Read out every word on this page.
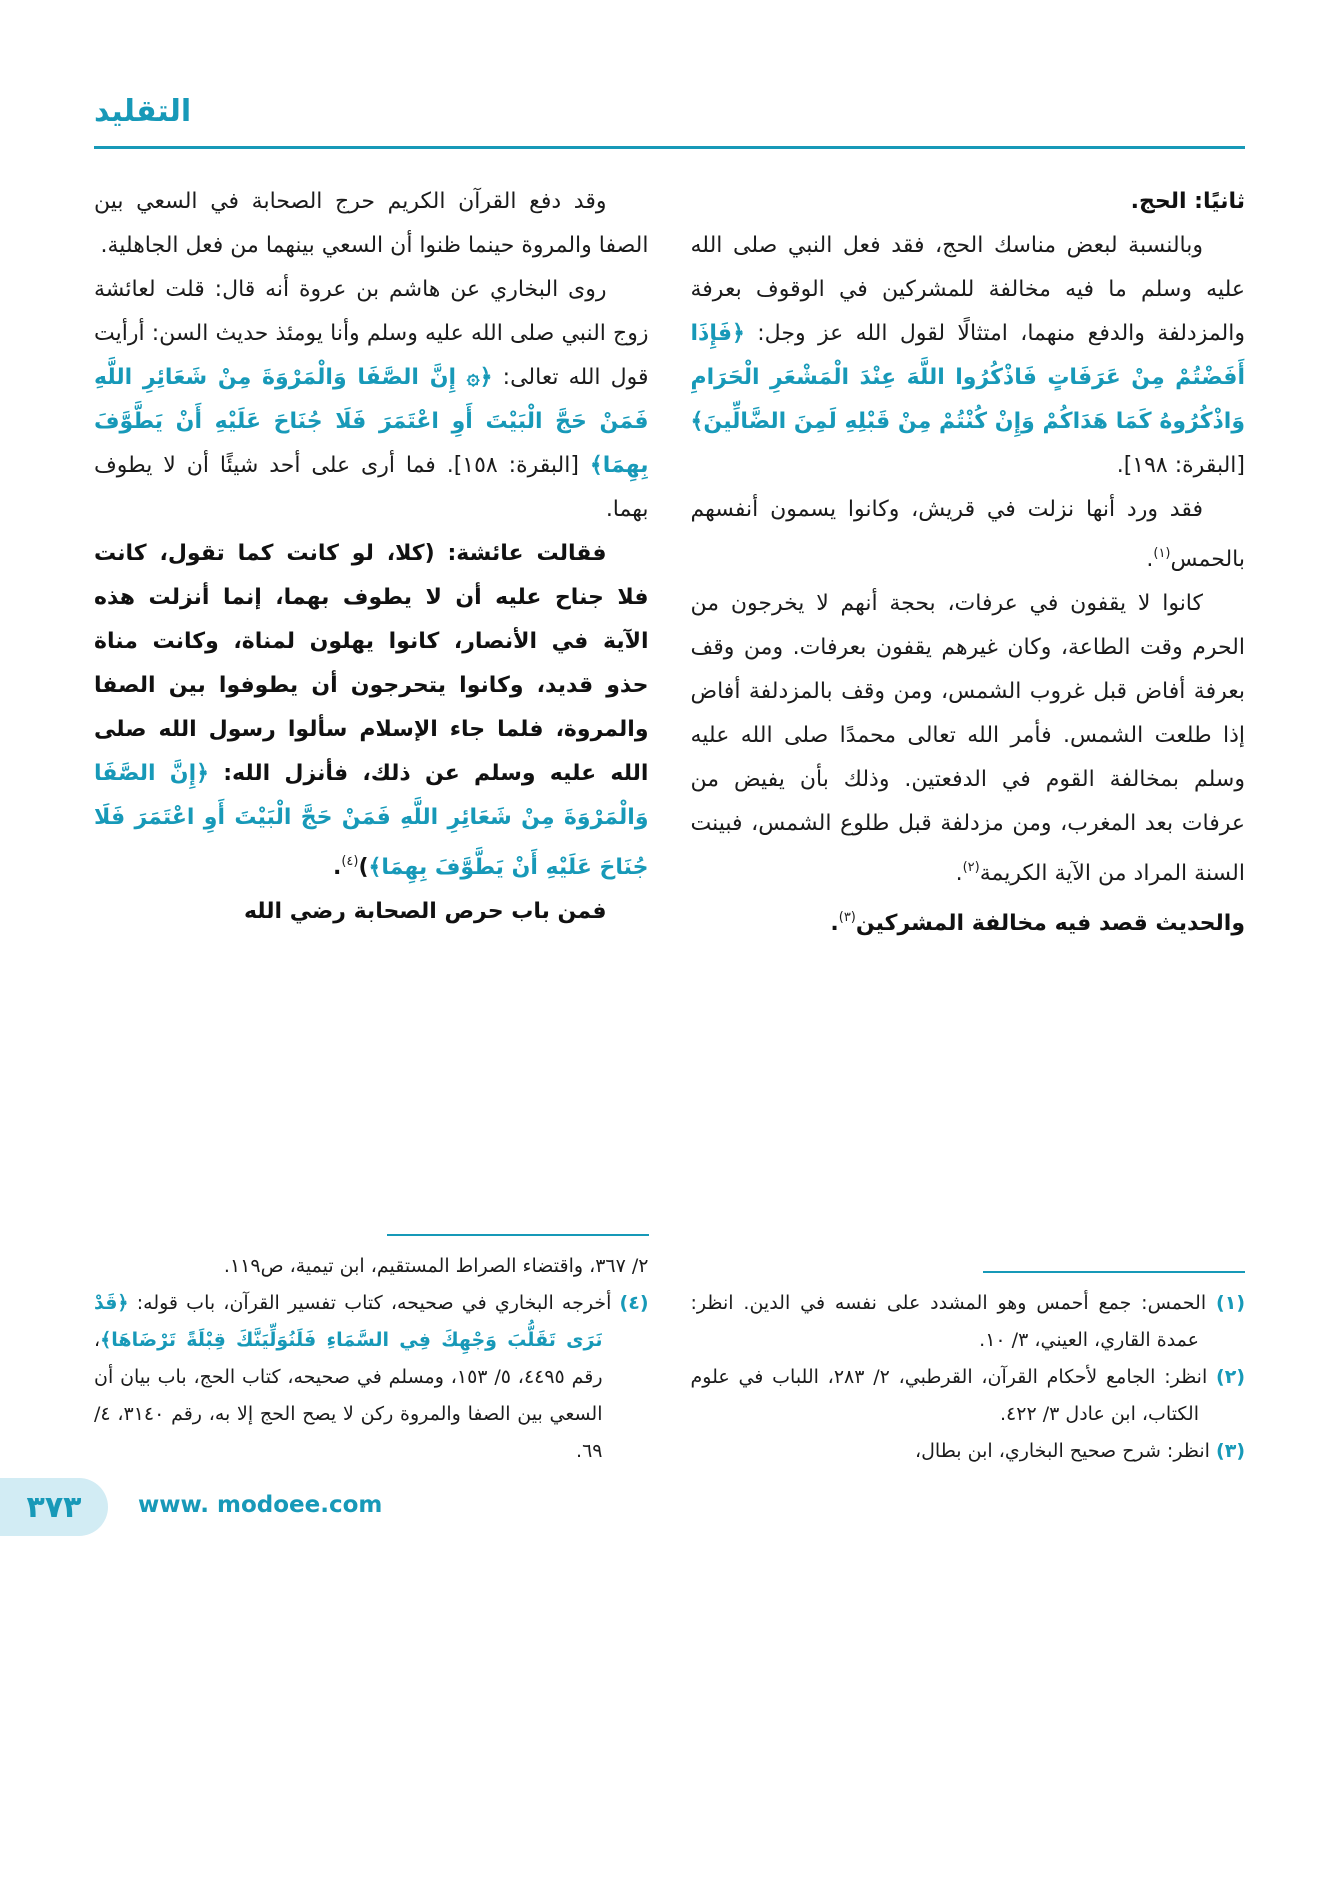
التقليد

ثانيًا: الحج.

وبالنسبة لبعض مناسك الحج، فقد فعل النبي صلى الله عليه وسلم ما فيه مخالفة للمشركين في الوقوف بعرفة والمزدلفة والدفع منهما، امتثالًا لقول الله عز وجل: ﴿فَإِذَا أَفَضْتُمْ مِنْ عَرَفَاتٍ فَاذْكُرُوا اللَّهَ عِنْدَ الْمَشْعَرِ الْحَرَامِ وَاذْكُرُوهُ كَمَا هَدَاكُمْ وَإِنْ كُنْتُمْ مِنْ قَبْلِهِ لَمِنَ الضَّالِّينَ﴾ [البقرة: ١٩٨].

فقد ورد أنها نزلت في قريش، وكانوا يسمون أنفسهم بالحمس$^{(١)}$.

كانوا لا يقفون في عرفات، بحجة أنهم لا يخرجون من الحرم وقت الطاعة، وكان غيرهم يقفون بعرفات. ومن وقف بعرفة أفاض قبل غروب الشمس، ومن وقف بالمزدلفة أفاض إذا طلعت الشمس. فأمر الله تعالى محمدًا صلى الله عليه وسلم بمخالفة القوم في الدفعتين. وذلك بأن يفيض من عرفات بعد المغرب، ومن مزدلفة قبل طلوع الشمس، فبينت السنة المراد من الآية الكريمة$^{(٢)}$.

والحديث قصد فيه مخالفة المشركين$^{(٣)}$.

(١) الحمس: جمع أحمس وهو المشدد على نفسه في الدين. انظر: عمدة القاري، العيني، ٣/ ١٠.

(٢) انظر: الجامع لأحكام القرآن، القرطبي، ٢/ ٢٨٣، اللباب في علوم الكتاب، ابن عادل ٣/ ٤٢٢.

(٣) انظر: شرح صحيح البخاري، ابن بطال،

وقد دفع القرآن الكريم حرج الصحابة في السعي بين الصفا والمروة حينما ظنوا أن السعي بينهما من فعل الجاهلية.

روى البخاري عن هاشم بن عروة أنه قال: قلت لعائشة زوج النبي صلى الله عليه وسلم وأنا يومئذ حديث السن: أرأيت قول الله تعالى: ﴿۞ إِنَّ الصَّفَا وَالْمَرْوَةَ مِنْ شَعَائِرِ اللَّهِ فَمَنْ حَجَّ الْبَيْتَ أَوِ اعْتَمَرَ فَلَا جُنَاحَ عَلَيْهِ أَنْ يَطَّوَّفَ بِهِمَا﴾ [البقرة: ١٥٨]. فما أرى على أحد شيئًا أن لا يطوف بهما.

فقالت عائشة: (كلا، لو كانت كما تقول، كانت فلا جناح عليه أن لا يطوف بهما، إنما أنزلت هذه الآية في الأنصار، كانوا يهلون لمناة، وكانت مناة حذو قديد، وكانوا يتحرجون أن يطوفوا بين الصفا والمروة، فلما جاء الإسلام سألوا رسول الله صلى الله عليه وسلم عن ذلك، فأنزل الله: ﴿إِنَّ الصَّفَا وَالْمَرْوَةَ مِنْ شَعَائِرِ اللَّهِ فَمَنْ حَجَّ الْبَيْتَ أَوِ اعْتَمَرَ فَلَا جُنَاحَ عَلَيْهِ أَنْ يَطَّوَّفَ بِهِمَا﴾)$^{(٤)}$.

فمن باب حرص الصحابة رضي الله

٢/ ٣٦٧، واقتضاء الصراط المستقيم، ابن تيمية، ص١١٩.

(٤) أخرجه البخاري في صحيحه، كتاب تفسير القرآن، باب قوله: ﴿قَدْ نَرَى تَقَلُّبَ وَجْهِكَ فِي السَّمَاءِ فَلَنُوَلِّيَنَّكَ قِبْلَةً تَرْضَاهَا﴾، رقم ٤٤٩٥، ٥/ ١٥٣، ومسلم في صحيحه، كتاب الحج، باب بيان أن السعي بين الصفا والمروة ركن لا يصح الحج إلا به، رقم ٣١٤٠، ٤/ ٦٩.

٣٧٣ www. modoee.com
